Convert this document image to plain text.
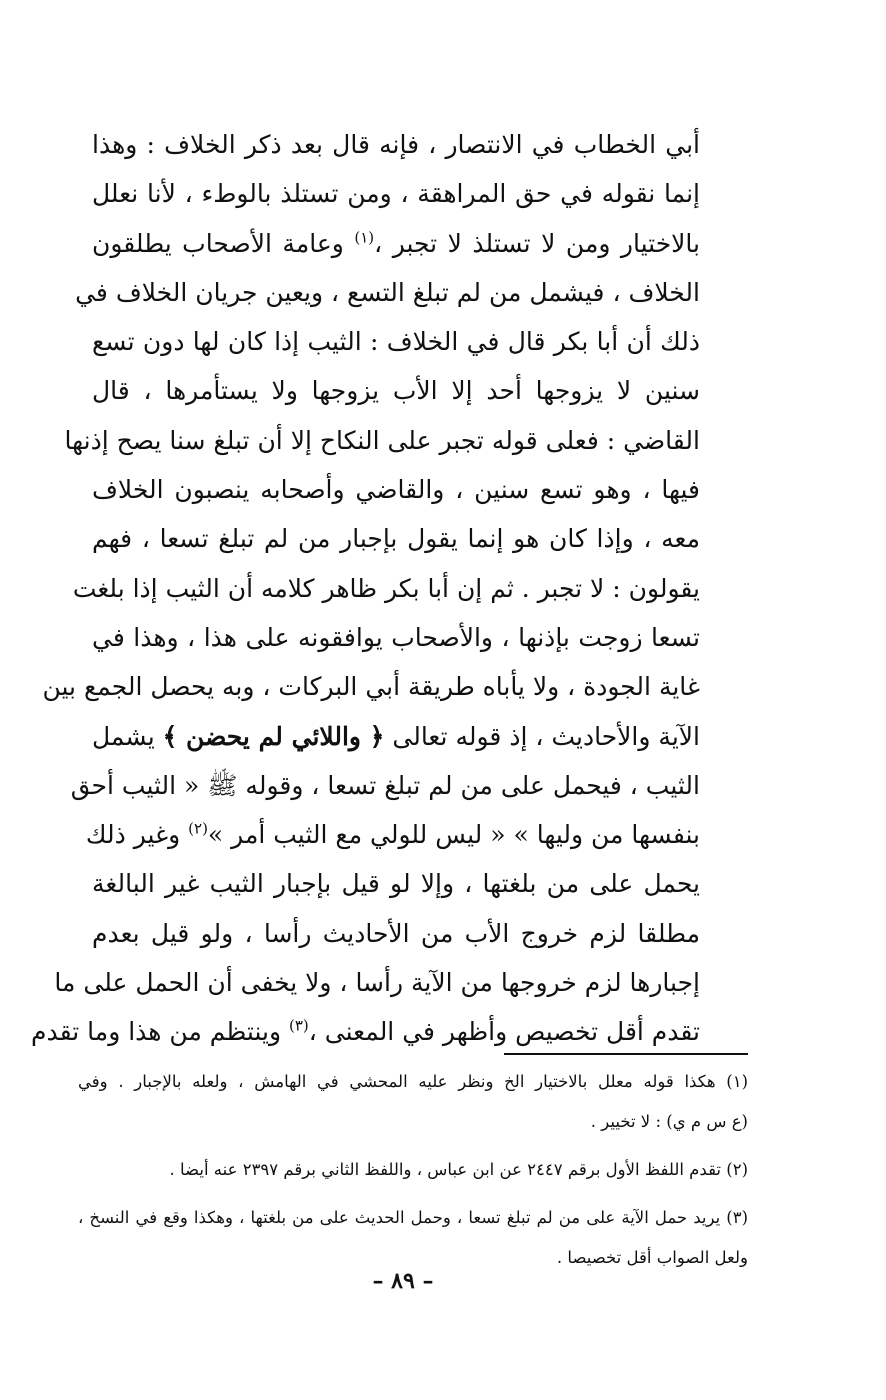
أبي الخطاب في الانتصار ، فإنه قال بعد ذكر الخلاف : وهذا
إنما نقوله في حق المراهقة ، ومن تستلذ بالوطء ، لأنا نعلل
بالاختيار ومن لا تستلذ لا تجبر ،$^{(١)}$ وعامة الأصحاب يطلقون
الخلاف ، فيشمل من لم تبلغ التسع ، ويعين جريان الخلاف في
ذلك أن أبا بكر قال في الخلاف : الثيب إذا كان لها دون تسع
سنين لا يزوجها أحد إلا الأب يزوجها ولا يستأمرها ، قال
القاضي : فعلى قوله تجبر على النكاح إلا أن تبلغ سنا يصح إذنها
فيها ، وهو تسع سنين ، والقاضي وأصحابه ينصبون الخلاف
معه ، وإذا كان هو إنما يقول بإجبار من لم تبلغ تسعا ، فهم
يقولون : لا تجبر . ثم إن أبا بكر ظاهر كلامه أن الثيب إذا بلغت
تسعا زوجت بإذنها ، والأصحاب يوافقونه على هذا ، وهذا في
غاية الجودة ، ولا يأباه طريقة أبي البركات ، وبه يحصل الجمع بين
الآية والأحاديث ، إذ قوله تعالى ﴿ واللائي لم يحضن ﴾ يشمل
الثيب ، فيحمل على من لم تبلغ تسعا ، وقوله ﷺ « الثيب أحق
بنفسها من وليها » « ليس للولي مع الثيب أمر »$^{(٢)}$ وغير ذلك
يحمل على من بلغتها ، وإلا لو قيل بإجبار الثيب غير البالغة
مطلقا لزم خروج الأب من الأحاديث رأسا ، ولو قيل بعدم
إجبارها لزم خروجها من الآية رأسا ، ولا يخفى أن الحمل على ما
تقدم أقل تخصيص وأظهر في المعنى ،$^{(٣)}$ وينتظم من هذا وما تقدم
(١) هكذا قوله معلل بالاختيار الخ ونظر عليه المحشي في الهامش ، ولعله بالإجبار . وفي
(ع س م ي) : لا تخيير .
(٢) تقدم اللفظ الأول برقم ٢٤٤٧ عن ابن عباس ، واللفظ الثاني برقم ٢٣٩٧ عنه أيضا .
(٣) يريد حمل الآية على من لم تبلغ تسعا ، وحمل الحديث على من بلغتها ، وهكذا وقع في النسخ ،
ولعل الصواب أقل تخصيصا .
– ٨٩ –
